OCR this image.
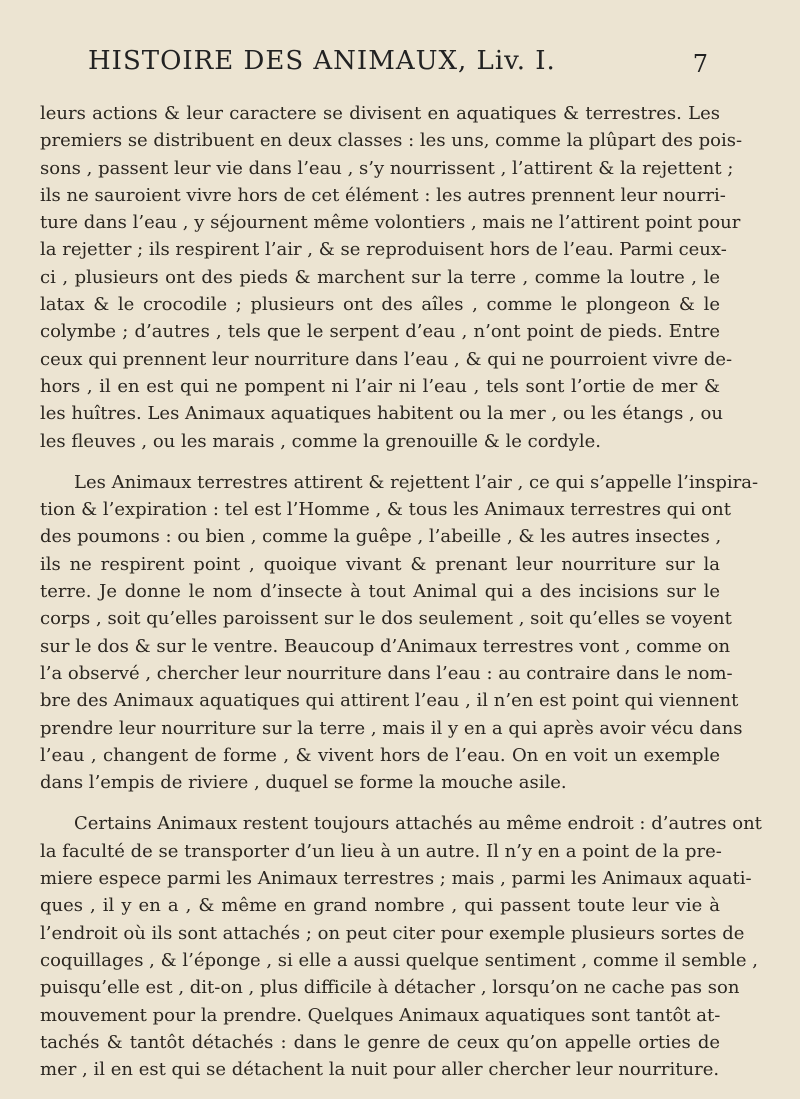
HISTOIRE DES ANIMAUX, Liv. I.	7
leurs actions & leur caractere se divisent en aquatiques & terrestres. Les
premiers se distribuent en deux classes : les uns, comme la plûpart des pois-
sons , passent leur vie dans l’eau , s’y nourrissent , l’attirent & la rejettent ;
ils ne sauroient vivre hors de cet élément : les autres prennent leur nourri-
ture dans l’eau , y séjournent même volontiers , mais ne l’attirent point pour
la rejetter ; ils respirent l’air , & se reproduisent hors de l’eau. Parmi ceux-
ci , plusieurs ont des pieds & marchent sur la terre , comme la loutre , le
latax & le crocodile ; plusieurs ont des aîles , comme le plongeon & le
colymbe ; d’autres , tels que le serpent d’eau , n’ont point de pieds. Entre
ceux qui prennent leur nourriture dans l’eau , & qui ne pourroient vivre de-
hors , il en est qui ne pompent ni l’air ni l’eau , tels sont l’ortie de mer &
les huîtres. Les Animaux aquatiques habitent ou la mer , ou les étangs , ou
les fleuves , ou les marais , comme la grenouille & le cordyle.
Les Animaux terrestres attirent & rejettent l’air , ce qui s’appelle l’inspira-
tion & l’expiration : tel est l’Homme , & tous les Animaux terrestres qui ont
des poumons : ou bien , comme la guêpe , l’abeille , & les autres insectes ,
ils ne respirent point , quoique vivant & prenant leur nourriture sur la
terre. Je donne le nom d’insecte à tout Animal qui a des incisions sur le
corps , soit qu’elles paroissent sur le dos seulement , soit qu’elles se voyent
sur le dos & sur le ventre. Beaucoup d’Animaux terrestres vont , comme on
l’a observé , chercher leur nourriture dans l’eau : au contraire dans le nom-
bre des Animaux aquatiques qui attirent l’eau , il n’en est point qui viennent
prendre leur nourriture sur la terre , mais il y en a qui après avoir vécu dans
l’eau , changent de forme , & vivent hors de l’eau. On en voit un exemple
dans l’empis de riviere , duquel se forme la mouche asile.
Certains Animaux restent toujours attachés au même endroit : d’autres ont
la faculté de se transporter d’un lieu à un autre. Il n’y en a point de la pre-
miere espece parmi les Animaux terrestres ; mais , parmi les Animaux aquati-
ques , il y en a , & même en grand nombre , qui passent toute leur vie à
l’endroit où ils sont attachés ; on peut citer pour exemple plusieurs sortes de
coquillages , & l’éponge , si elle a aussi quelque sentiment , comme il semble ,
puisqu’elle est , dit-on , plus difficile à détacher , lorsqu’on ne cache pas son
mouvement pour la prendre. Quelques Animaux aquatiques sont tantôt at-
tachés & tantôt détachés : dans le genre de ceux qu’on appelle orties de
mer , il en est qui se détachent la nuit pour aller chercher leur nourriture.
